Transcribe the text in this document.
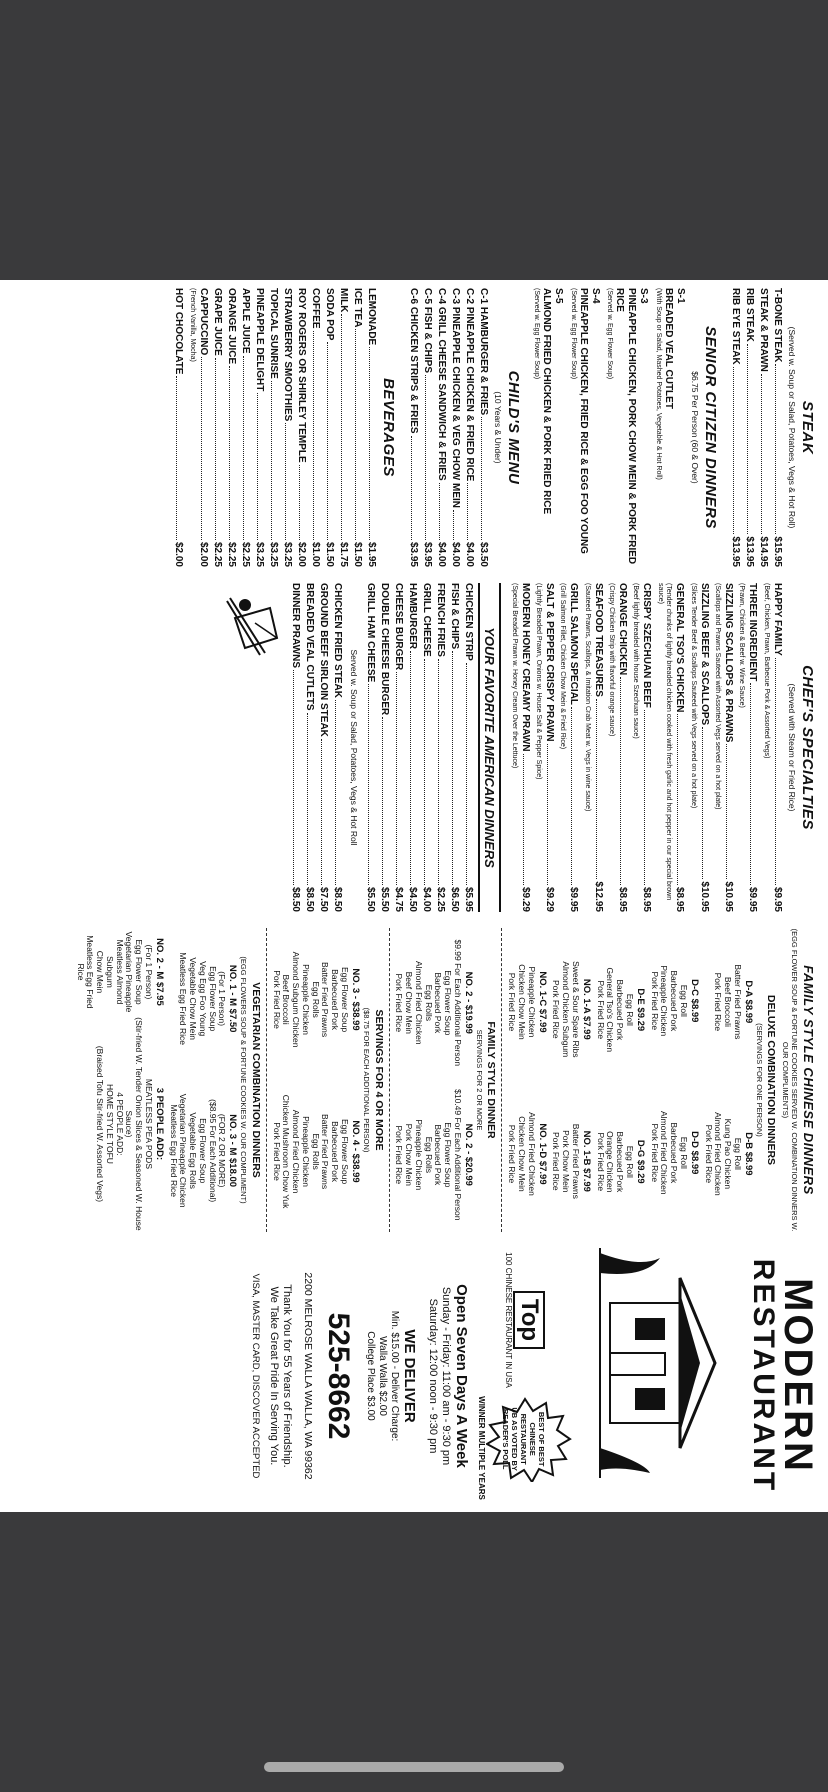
STEAK
(Served w. Soup or Salad, Potatoes, Vegs & Hot Roll)
T-BONE STEAK
$15.95
STEAK & PRAWN
$14.95
RIB STEAK
$13.95
RIB EYE STEAK
$13.95
SENIOR CITIZEN DINNERS
$6.75 Per Person (60 & Over)
S-1
BREADED VEAL CUTLET
(With Soup or Salad, Mashed Potatoes, Vegetable & Hot Roll)
S-3
PINEAPPLE CHICKEN, PORK CHOW MEIN & PORK FRIED RICE
(Served w. Egg Flower Soup)
S-4
PINEAPPLE CHICKEN, FRIED RICE & EGG FOO YOUNG
(Served w. Egg Flower Soup)
S-5
ALMOND FRIED CHICKEN & PORK FRIED RICE
(Served w. Egg Flower Soup)
CHILD'S MENU
(10 Years & Under)
C-1 HAMBURGER & FRIES
$3.50
C-2 PINEAPPLE CHICKEN & FRIED RICE
$4.00
C-3 PINEAPPLE CHICKEN & VEG CHOW MEIN
$4.00
C-4 GRILL CHEESE SANDWICH & FRIES
$4.00
C-5 FISH & CHIPS
$3.95
C-6 CHICKEN STRIPS & FRIES
$3.95
BEVERAGES
LEMONADE
$1.95
ICE TEA
$1.50
MILK
$1.75
SODA POP
$1.50
COFFEE
$1.00
ROY ROGERS OR SHIRLEY TEMPLE
$2.00
STRAWBERRY SMOOTHIES
$3.25
TOPICAL SUNRISE
$3.25
PINEAPPLE DELIGHT
$3.25
APPLE JUICE
$2.25
ORANGE JUICE
$2.25
GRAPE JUICE
$2.25
CAPPUCCINO
$2.00
(French Vanilla, Mocha)
HOT CHOCOLATE
$2.00
CHEF'S SPECIALTIES
(Served with Steam or Fried Rice)
HAPPY FAMILY
$9.95
(Beef, Chicken, Prawn, Barbecue Pork & Assorted Vegs)
THREE INGREDIENT
$9.95
(Prawn, Chicken & Beef w. Wine Sauce)
SIZZLING SCALLOPS & PRAWNS
$10.95
(Scallops and Prawns Sauteed with Assorted Vegs served on a hot plate)
SIZZLING BEEF & SCALLOPS
$10.95
(Slices Tender Beef & Scallops Sauteed with Vegs served on a hot plate)
GENERAL TSO'S CHICKEN
$8.95
(Tender chunks of lightly breaded chicken cooked with fresh garlic and hot pepper in our special brown sauce)
CRISPY SZECHUAN BEEF
$8.95
(Beef lightly breaded with house Szechuan sauce)
ORANGE CHICKEN
$8.95
(Crispy Chicken Strip with flavorful orange sauce)
SEAFOOD TREASURES
$12.95
(Sauteed Prawns, Scallops, & Imitation Crab Meat w. Vegs in wine sauce)
GRILL SALMON SPECIAL
$9.95
(Grill Salmon Fillet, Chicken Chow Mein & Fried Rice)
SALT & PEPPER CRISPY PRAWN
$9.29
(Lightly Breaded Prawn, Onions w. House Salt & Pepper Spice)
MODERN HONEY CREAMY PRAWN
$9.29
(Special Breaded Prawn w. Honey Cream Over the Lettuce)
YOUR FAVORITE AMERICAN DINNERS
CHICKEN STRIP
$5.95
FISH & CHIPS
$6.50
FRENCH FRIES
$2.25
GRILL CHEESE
$4.00
HAMBURGER
$4.50
CHEESE BURGER
$4.75
DOUBLE CHEESE BURGER
$5.50
GRILL HAM CHEESE
$5.50
Served w. Soup or Salad, Potatoes, Vegs & Hot Roll
CHICKEN FRIED STEAK
$8.50
GROUND BEEF SIRLOIN STEAK
$7.50
BREADED VEAL CUTLETS
$8.50
DINNER PRAWNS
$8.50
FAMILY STYLE CHINESE DINNERS
(EGG FLOWER SOUP & FORTUNE COOKIES SERVED W. COMBINATION DINNERS W. OUR COMPLIMENTS)
DELUXE COMBINATION DINNERS
(SERVINGS FOR ONE PERSON)
D-A $8.99
Batter Fried Prawns
Beef Broccoli
Pork Fried Rice
D-B $8.99
Egg Roll
Kung Pao Chicken
Almond Fried Chicken
Pork Fried Rice
D-C $8.99
Egg Roll
Barbecued Pork
Pineapple Chicken
Pork Fried Rice
D-D $8.99
Egg Roll
Barbecued Pork
Almond Fried Chicken
Pork Fried Rice
D-E $9.29
Egg Roll
Barbecued Pork
General Tso's Chicken
Pork Fried Rice
D-G $9.29
Egg Roll
Barbecued Pork
Orange Chicken
Pork Fried Rice
NO. 1-A $7.99
Sweet & Sour Spare Ribs
Almond Chicken Subgum
Pork Fried Rice
NO. 1-B $7.99
Batter Fried Prawns
Pork Chow Mein
Pork Fried Rice
NO. 1-C $7.99
Pineapple Chicken
Chicken Chow Mein
Pork Fried Rice
NO. 1-D $7.99
Almond Fried Chicken
Chicken Chow Mein
Pork Fried Rice
FAMILY STYLE DINNER
SERVINGS FOR 2 OR MORE
NO. 2 - $19.99
$9.99 For Each Additional Person
Egg Flower Soup
Barbecued Pork
Egg Rolls
Almond Fried Chicken
Beef Chow Mein
Pork Fried Rice
NO. 2 - $20.99
$10.49 For Each Additional Person
Egg Flower Soup
Barbecued Pork
Egg Rolls
Pineapple Chicken
Pork Chow Mein
Pork Fried Rice
SERVINGS FOR 4 OR MORE
($8.75 FOR EACH ADDITIONAL PERSON)
NO. 3 - $38.99
Egg Flower Soup
Barbecued Pork
Batter Fried Prawns
Egg Rolls
Pineapple Chicken
Almond Subgum Chicken
Beef Broccoli
Pork Fried Rice
NO. 4 - $38.99
Egg Flower Soup
Barbecued Pork
Batter Fried Prawns
Egg Rolls
Pineapple Chicken
Almond Fried Chicken
Chicken Mushroom Chow Yuk
Pork Fried Rice
VEGETARIAN COMBINATION DINNERS
(EGG FLOWERS SOUP & FORTUNE COOKIES W. OUR COMPLIMENT)
NO. 1 - M $7.50
(For 1 Person)
Egg Flower Soup
Veg Egg Foo Young
Vegetable Chow Mein
Meatless Egg Fried Rice
NO. 3 - M $18.00
(FOR 2 OR MORE)
($8.95 For Each Additional)
Egg Flower Soup
Vegetable Egg Rolls
Vegetarian Pineapple Chicken
Meatless Egg Fried Rice
NO. 2 - M $7.95
(For 1 Person)
Egg Flower Soup
Vegetarian Pineapple
Meatless Almond Subgum
Chow Mein
Meatless Egg Fried Rice
3 PEOPLE ADD:
MEATLESS PEA PODS
(Stir-fried W. Tender Onion Slices & Seasoned W. House Sauce)
4 PEOPLE ADD:
HOME STYLE TOFU
(Braised Tofu Stir-fried W. Assorted Vegs)
MODERN
RESTAURANT
Top
100 CHINESE RESTAURANT IN USA
BEST OF BEST
CHINESE RESTAURANT
UB AS VOTED BY READER'S POLL
WINNER MULTIPLE YEARS
Open Seven Days A Week
Sunday - Friday: 11:00 am - 9:30 pm
Saturday: 12:00 noon - 9:30 pm
WE DELIVER
Min. $15.00 - Deliver Charge:
Walla Walla $2.00
College Place $3.00
525-8662
2200 MELROSE WALLA WALLA, WA 99362
Thank You for 55 Years of Friendship.
We Take Great Pride In Serving You.
VISA, MASTER CARD, DISCOVER ACCEPTED
